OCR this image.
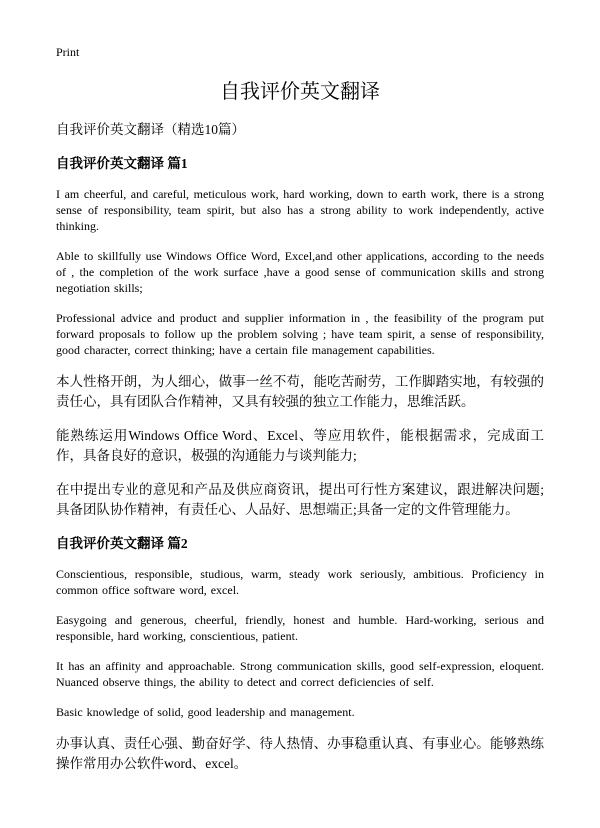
Print

自我评价英文翻译

自我评价英文翻译（精选10篇）

自我评价英文翻译 篇1

I am cheerful, and careful, meticulous work, hard working, down to earth work, there is a strong sense of responsibility, team spirit, but also has a strong ability to work independently, active thinking.

Able to skillfully use Windows Office Word, Excel,and other applications, according to the needs of , the completion of the work surface ,have a good sense of communication skills and strong negotiation skills;

Professional advice and product and supplier information in , the feasibility of the program put forward proposals to follow up the problem solving ; have team spirit, a sense of responsibility, good character, correct thinking; have a certain file management capabilities.

本人性格开朗，为人细心，做事一丝不苟，能吃苦耐劳，工作脚踏实地，有较强的责任心，具有团队合作精神，又具有较强的独立工作能力，思维活跃。

能熟练运用Windows Office Word、Excel、等应用软件，能根据需求，完成面工作，具备良好的意识，极强的沟通能力与谈判能力;

在中提出专业的意见和产品及供应商资讯，提出可行性方案建议，跟进解决问题;具备团队协作精神，有责任心、人品好、思想端正;具备一定的文件管理能力。

自我评价英文翻译 篇2

Conscientious, responsible, studious, warm, steady work seriously, ambitious. Proficiency in common office software word, excel.

Easygoing and generous, cheerful, friendly, honest and humble. Hard-working, serious and responsible, hard working, conscientious, patient.

It has an affinity and approachable. Strong communication skills, good self-expression, eloquent. Nuanced observe things, the ability to detect and correct deficiencies of self.

Basic knowledge of solid, good leadership and management.

办事认真、责任心强、勤奋好学、待人热情、办事稳重认真、有事业心。能够熟练操作常用办公软件word、excel。
